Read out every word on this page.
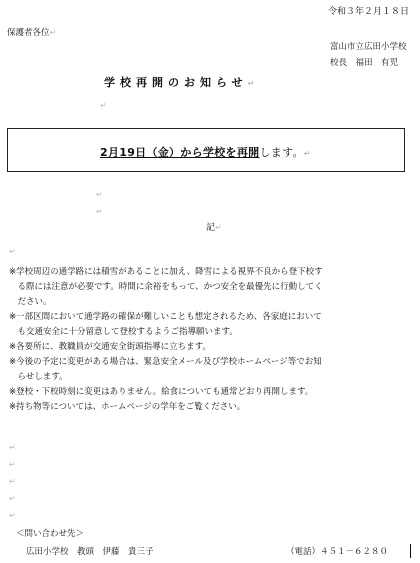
令和３年２月１８日
保護者各位↵
富山市立広田小学校
校長　福田　有児
学校再開のお知らせ↵
↵
2月19日（金）から学校を再開します。↵
↵
↵
記↵
↵
※学校周辺の通学路には積雪があることに加え、降雪による視界不良から登下校す
　る際には注意が必要です。時間に余裕をもって、かつ安全を最優先に行動してく
　ださい。
※一部区間において通学路の確保が難しいことも想定されるため、各家庭において
　も交通安全に十分留意して登校するようご指導願います。
※各要所に、教職員が交通安全街頭指導に立ちます。
※今後の予定に変更がある場合は、緊急安全メール及び学校ホームページ等でお知
　らせします。
※登校・下校時刻に変更はありません。給食についても通常どおり再開します。
※持ち物等については、ホームページの学年をご覧ください。
↵
↵
↵
↵
↵
＜問い合わせ先＞
広田小学校　教頭　伊藤　貴三子	（電話）４５１－６２８０
